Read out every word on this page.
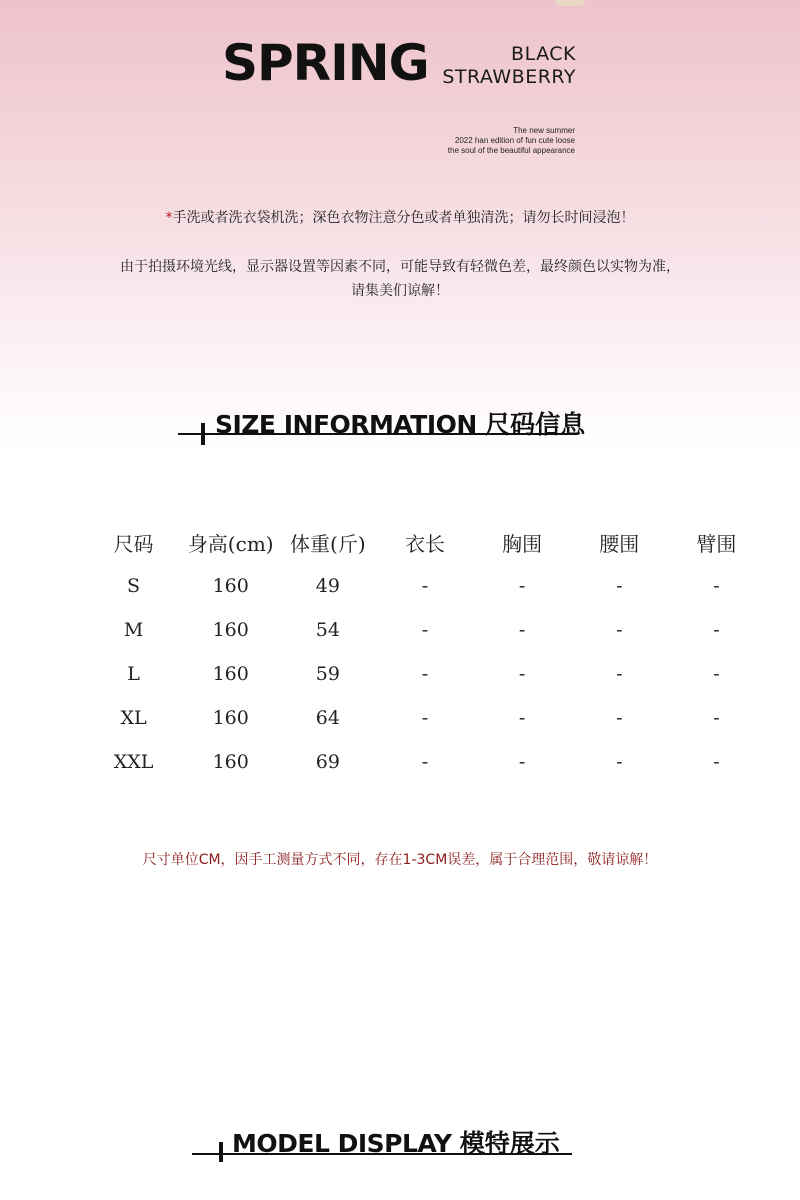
SPRING	BLACK
STRAWBERRY
The new summer
2022 han edition of fun cute loose
the soul of the beautiful appearance
*手洗或者洗衣袋机洗；深色衣物注意分色或者单独清洗；请勿长时间浸泡！
由于拍摄环境光线，显示器设置等因素不同，可能导致有轻微色差，最终颜色以实物为准，
请集美们谅解！
SIZE INFORMATION 尺码信息
尺码	身高(cm)	体重(斤)	衣长	胸围	腰围	臂围
S	160	49	-	-	-	-
M	160	54	-	-	-	-
L	160	59	-	-	-	-
XL	160	64	-	-	-	-
XXL	160	69	-	-	-	-
尺寸单位CM，因手工测量方式不同，存在1-3CM误差，属于合理范围，敬请谅解！
MODEL DISPLAY 模特展示
